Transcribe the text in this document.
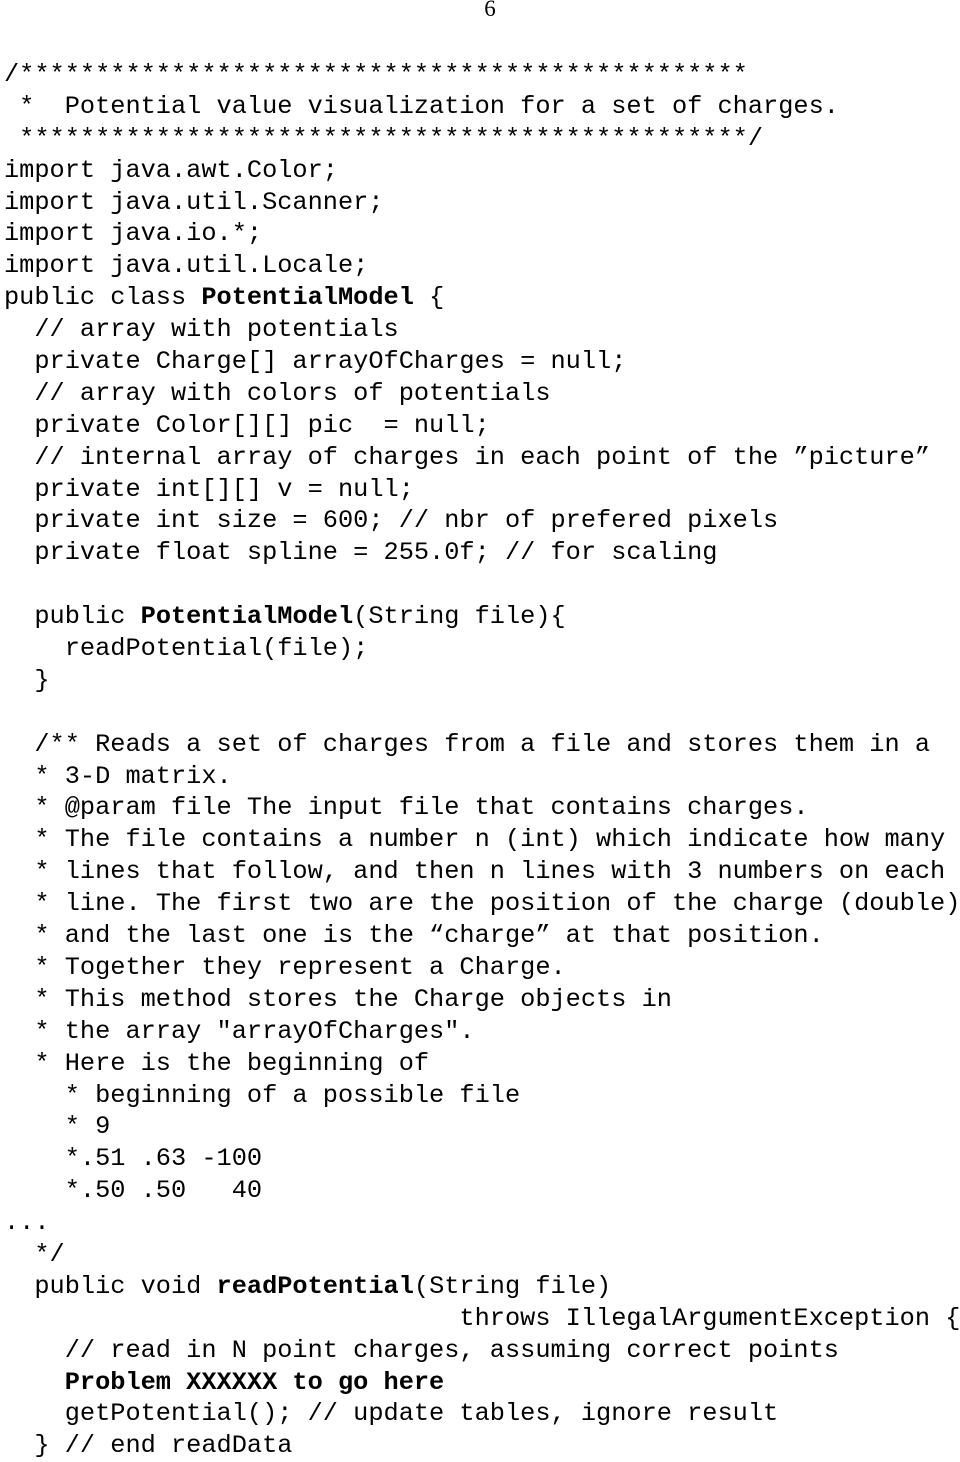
6
/************************************************
*  Potential value visualization for a set of charges.
************************************************/
import java.awt.Color;
import java.util.Scanner;
import java.io.*;
import java.util.Locale;
public class PotentialModel {
// array with potentials
private Charge[] arrayOfCharges = null;
// array with colors of potentials
private Color[][] pic  = null;
// internal array of charges in each point of the ”picture”
private int[][] v = null;
private int size = 600; // nbr of prefered pixels
private float spline = 255.0f; // for scaling
public PotentialModel(String file){
readPotential(file);
}
/** Reads a set of charges from a file and stores them in a
* 3-D matrix.
* @param file The input file that contains charges.
* The file contains a number n (int) which indicate how many
* lines that follow, and then n lines with 3 numbers on each
* line. The first two are the position of the charge (double)
* and the last one is the “charge” at that position.
* Together they represent a Charge.
* This method stores the Charge objects in
* the array "arrayOfCharges".
* Here is the beginning of
* beginning of a possible file
* 9
*.51 .63 -100
*.50 .50   40
...
*/
public void readPotential(String file)
throws IllegalArgumentException {
// read in N point charges, assuming correct points
Problem XXXXXX to go here
getPotential(); // update tables, ignore result
} // end readData
